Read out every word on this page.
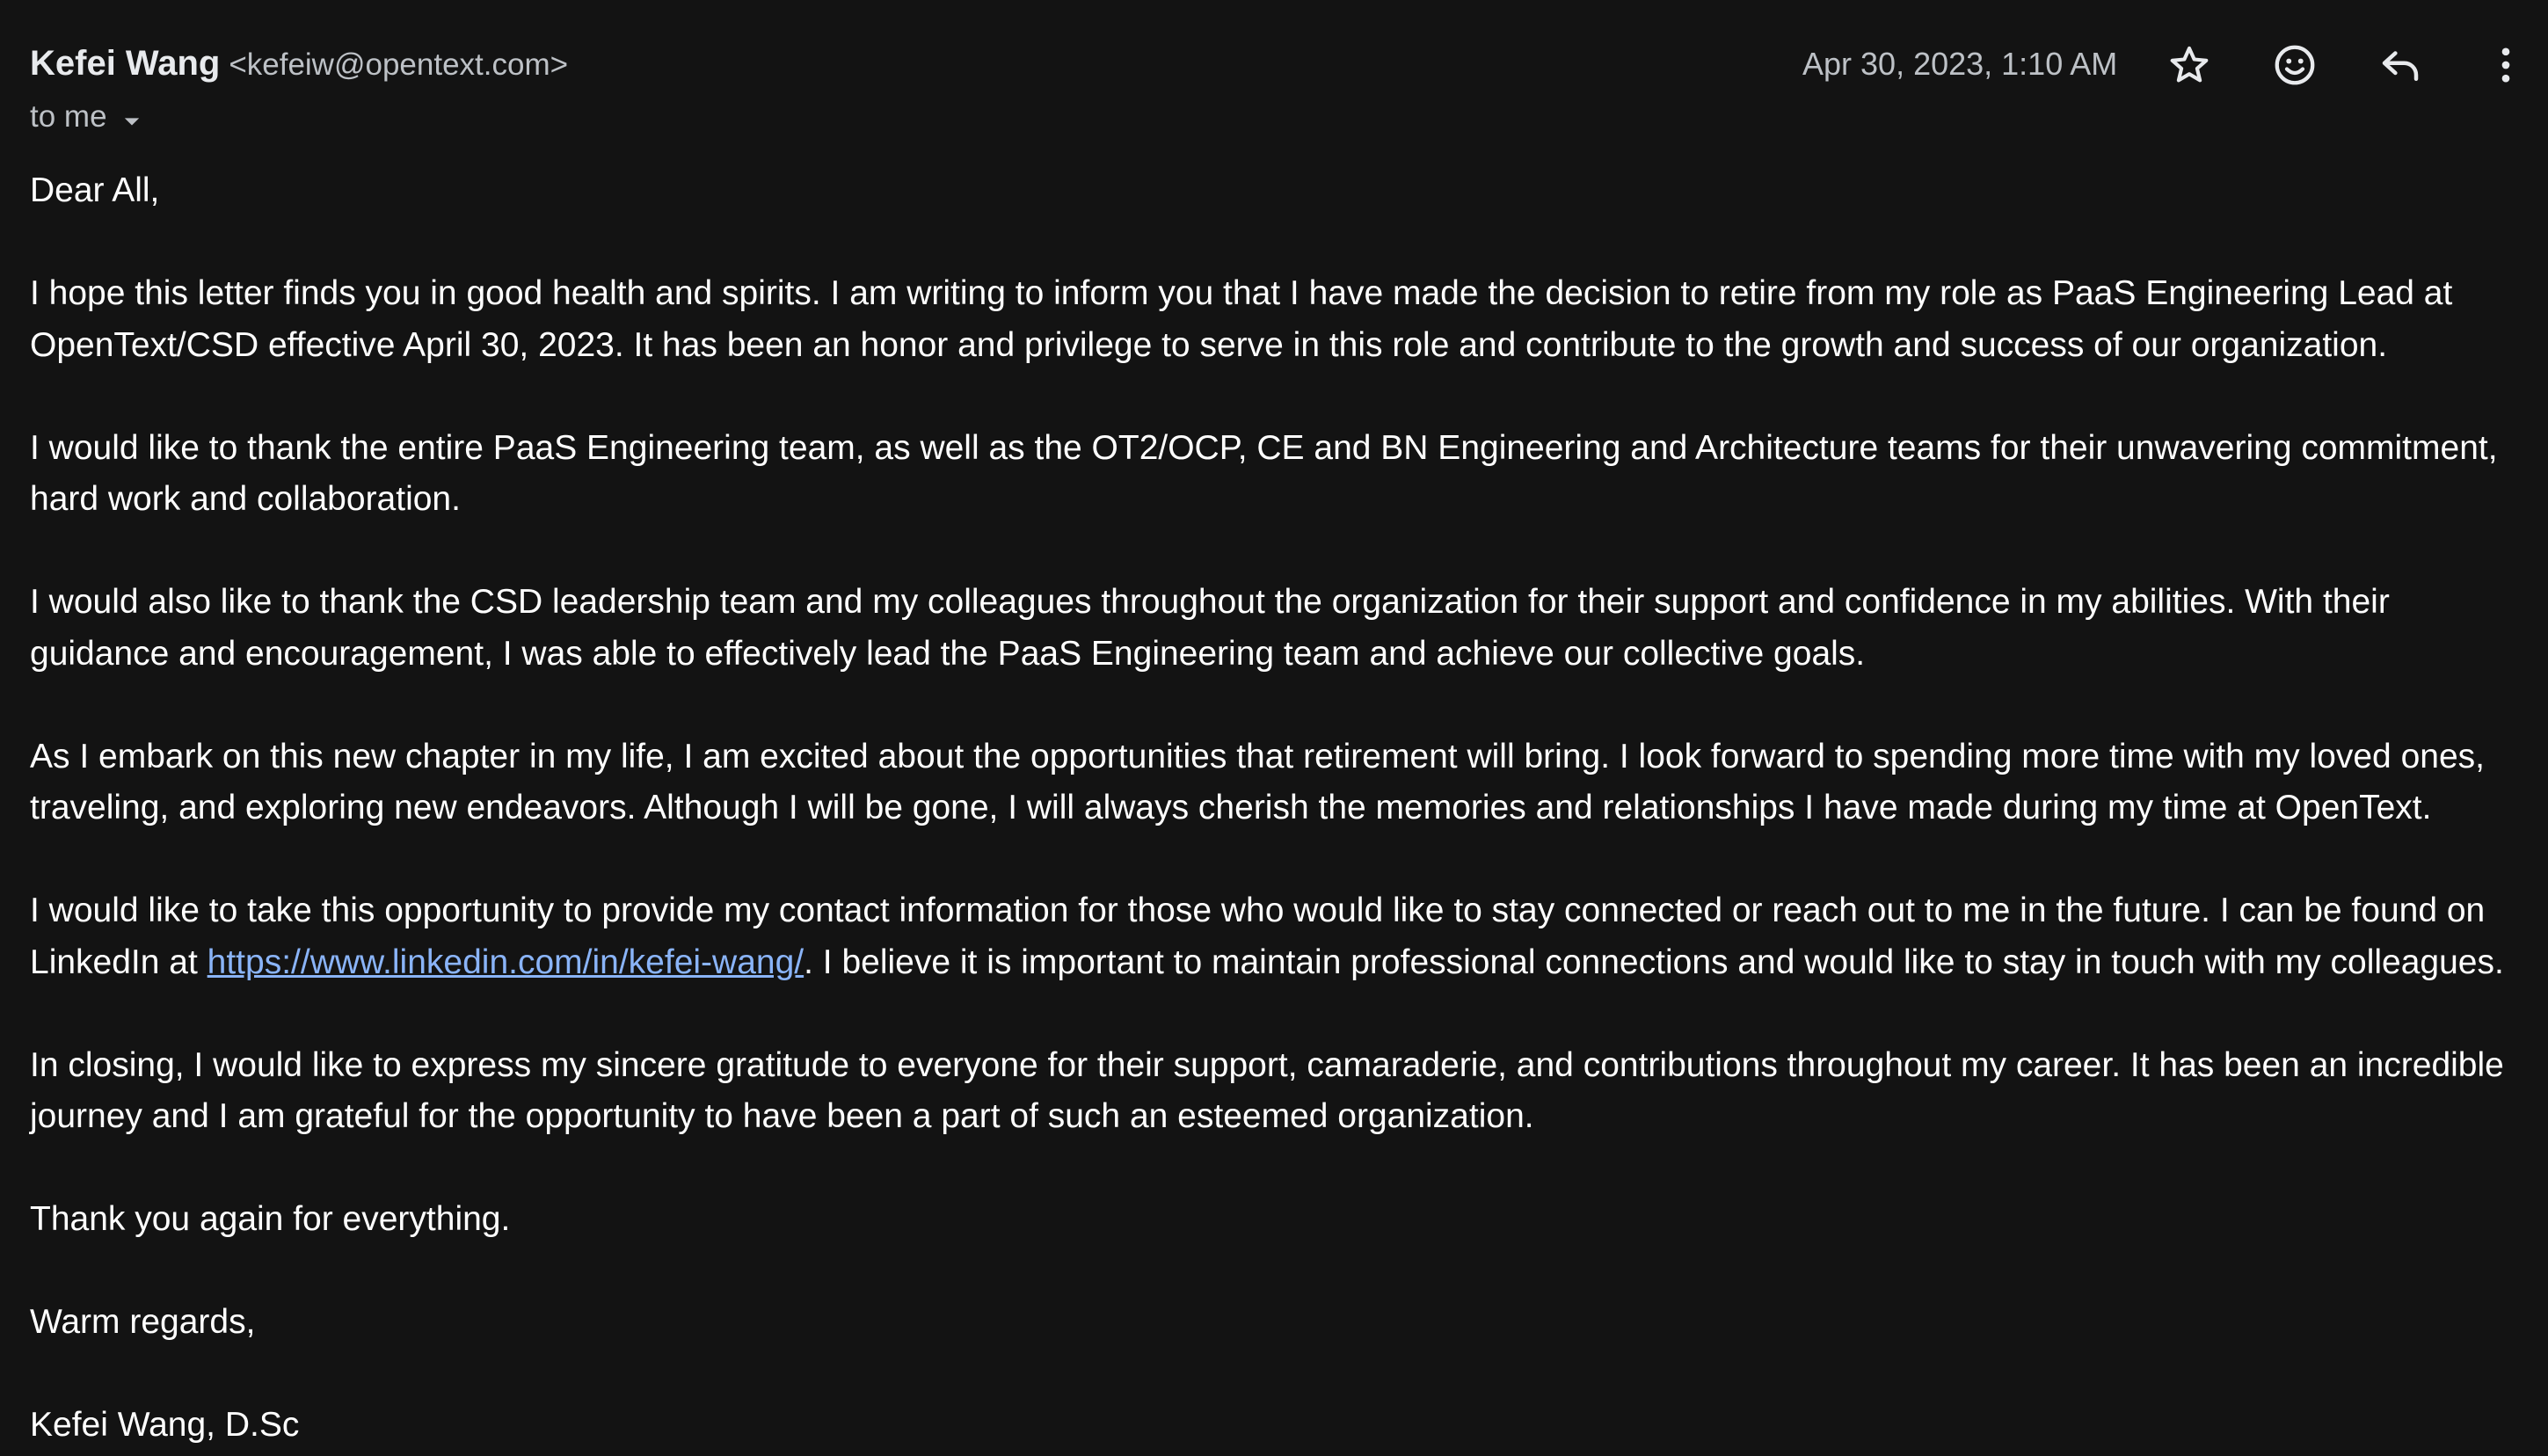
Kefei Wang <kefeiw@opentext.com>
to me
Apr 30, 2023, 1:10 AM

Dear All,

I hope this letter finds you in good health and spirits. I am writing to inform you that I have made the decision to retire from my role as PaaS Engineering Lead at OpenText/CSD effective April 30, 2023. It has been an honor and privilege to serve in this role and contribute to the growth and success of our organization.

I would like to thank the entire PaaS Engineering team, as well as the OT2/OCP, CE and BN Engineering and Architecture teams for their unwavering commitment, hard work and collaboration.

I would also like to thank the CSD leadership team and my colleagues throughout the organization for their support and confidence in my abilities. With their guidance and encouragement, I was able to effectively lead the PaaS Engineering team and achieve our collective goals.

As I embark on this new chapter in my life, I am excited about the opportunities that retirement will bring. I look forward to spending more time with my loved ones, traveling, and exploring new endeavors. Although I will be gone, I will always cherish the memories and relationships I have made during my time at OpenText.

I would like to take this opportunity to provide my contact information for those who would like to stay connected or reach out to me in the future. I can be found on LinkedIn at https://www.linkedin.com/in/kefei-wang/. I believe it is important to maintain professional connections and would like to stay in touch with my colleagues.

In closing, I would like to express my sincere gratitude to everyone for their support, camaraderie, and contributions throughout my career. It has been an incredible journey and I am grateful for the opportunity to have been a part of such an esteemed organization.

Thank you again for everything.

Warm regards,

Kefei Wang, D.Sc
